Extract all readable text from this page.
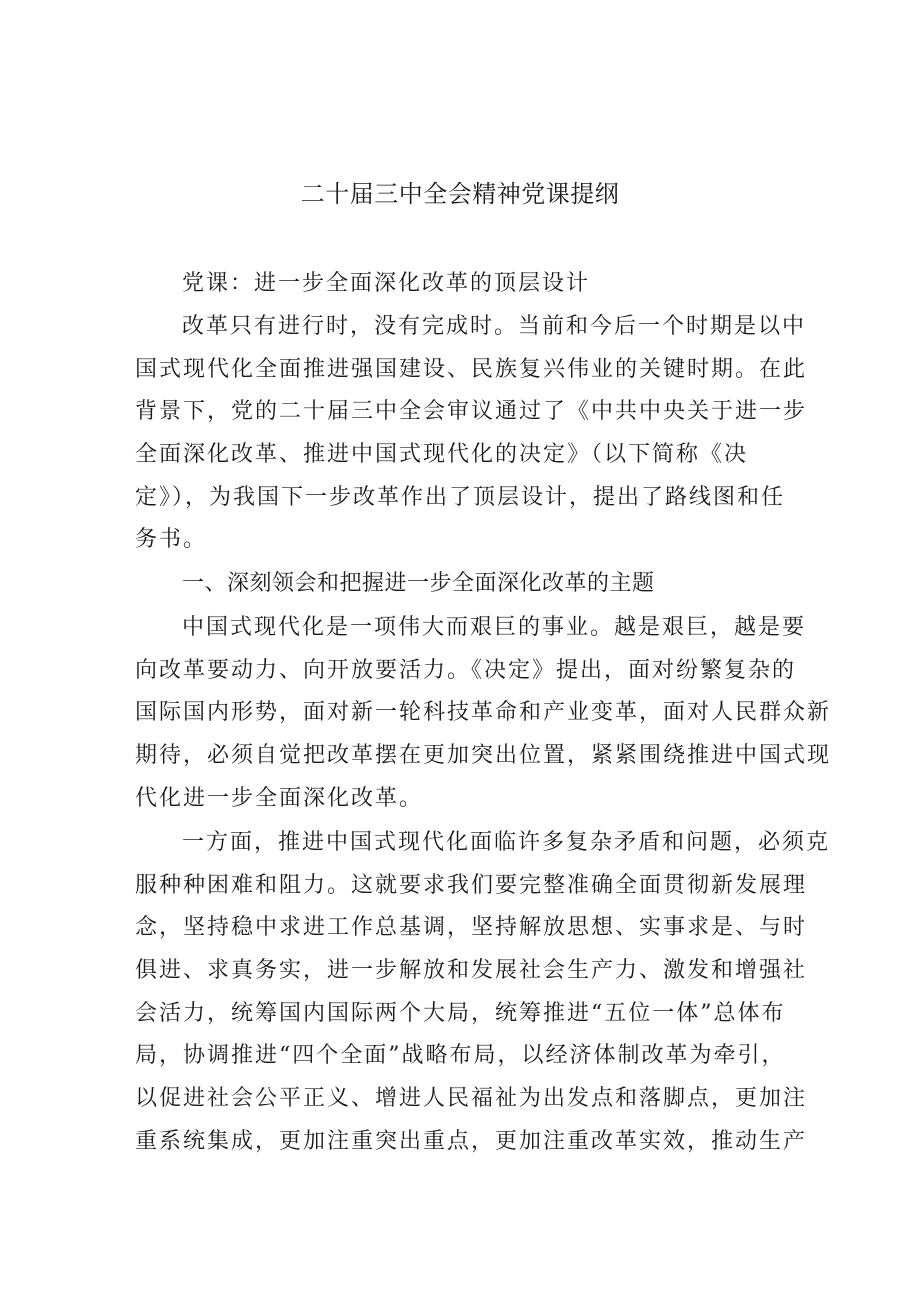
二十届三中全会精神党课提纲
党课：进一步全面深化改革的顶层设计
改革只有进行时，没有完成时。当前和今后一个时期是以中
国式现代化全面推进强国建设、民族复兴伟业的关键时期。在此
背景下，党的二十届三中全会审议通过了《中共中央关于进一步
全面深化改革、推进中国式现代化的决定》（以下简称《决
定》），为我国下一步改革作出了顶层设计，提出了路线图和任
务书。
一、深刻领会和把握进一步全面深化改革的主题
中国式现代化是一项伟大而艰巨的事业。越是艰巨，越是要
向改革要动力、向开放要活力。《决定》提出，面对纷繁复杂的
国际国内形势，面对新一轮科技革命和产业变革，面对人民群众新
期待，必须自觉把改革摆在更加突出位置，紧紧围绕推进中国式现
代化进一步全面深化改革。
一方面，推进中国式现代化面临许多复杂矛盾和问题，必须克
服种种困难和阻力。这就要求我们要完整准确全面贯彻新发展理
念，坚持稳中求进工作总基调，坚持解放思想、实事求是、与时
俱进、求真务实，进一步解放和发展社会生产力、激发和增强社
会活力，统筹国内国际两个大局，统筹推进“五位一体”总体布
局，协调推进“四个全面”战略布局，以经济体制改革为牵引，
以促进社会公平正义、增进人民福祉为出发点和落脚点，更加注
重系统集成，更加注重突出重点，更加注重改革实效，推动生产
